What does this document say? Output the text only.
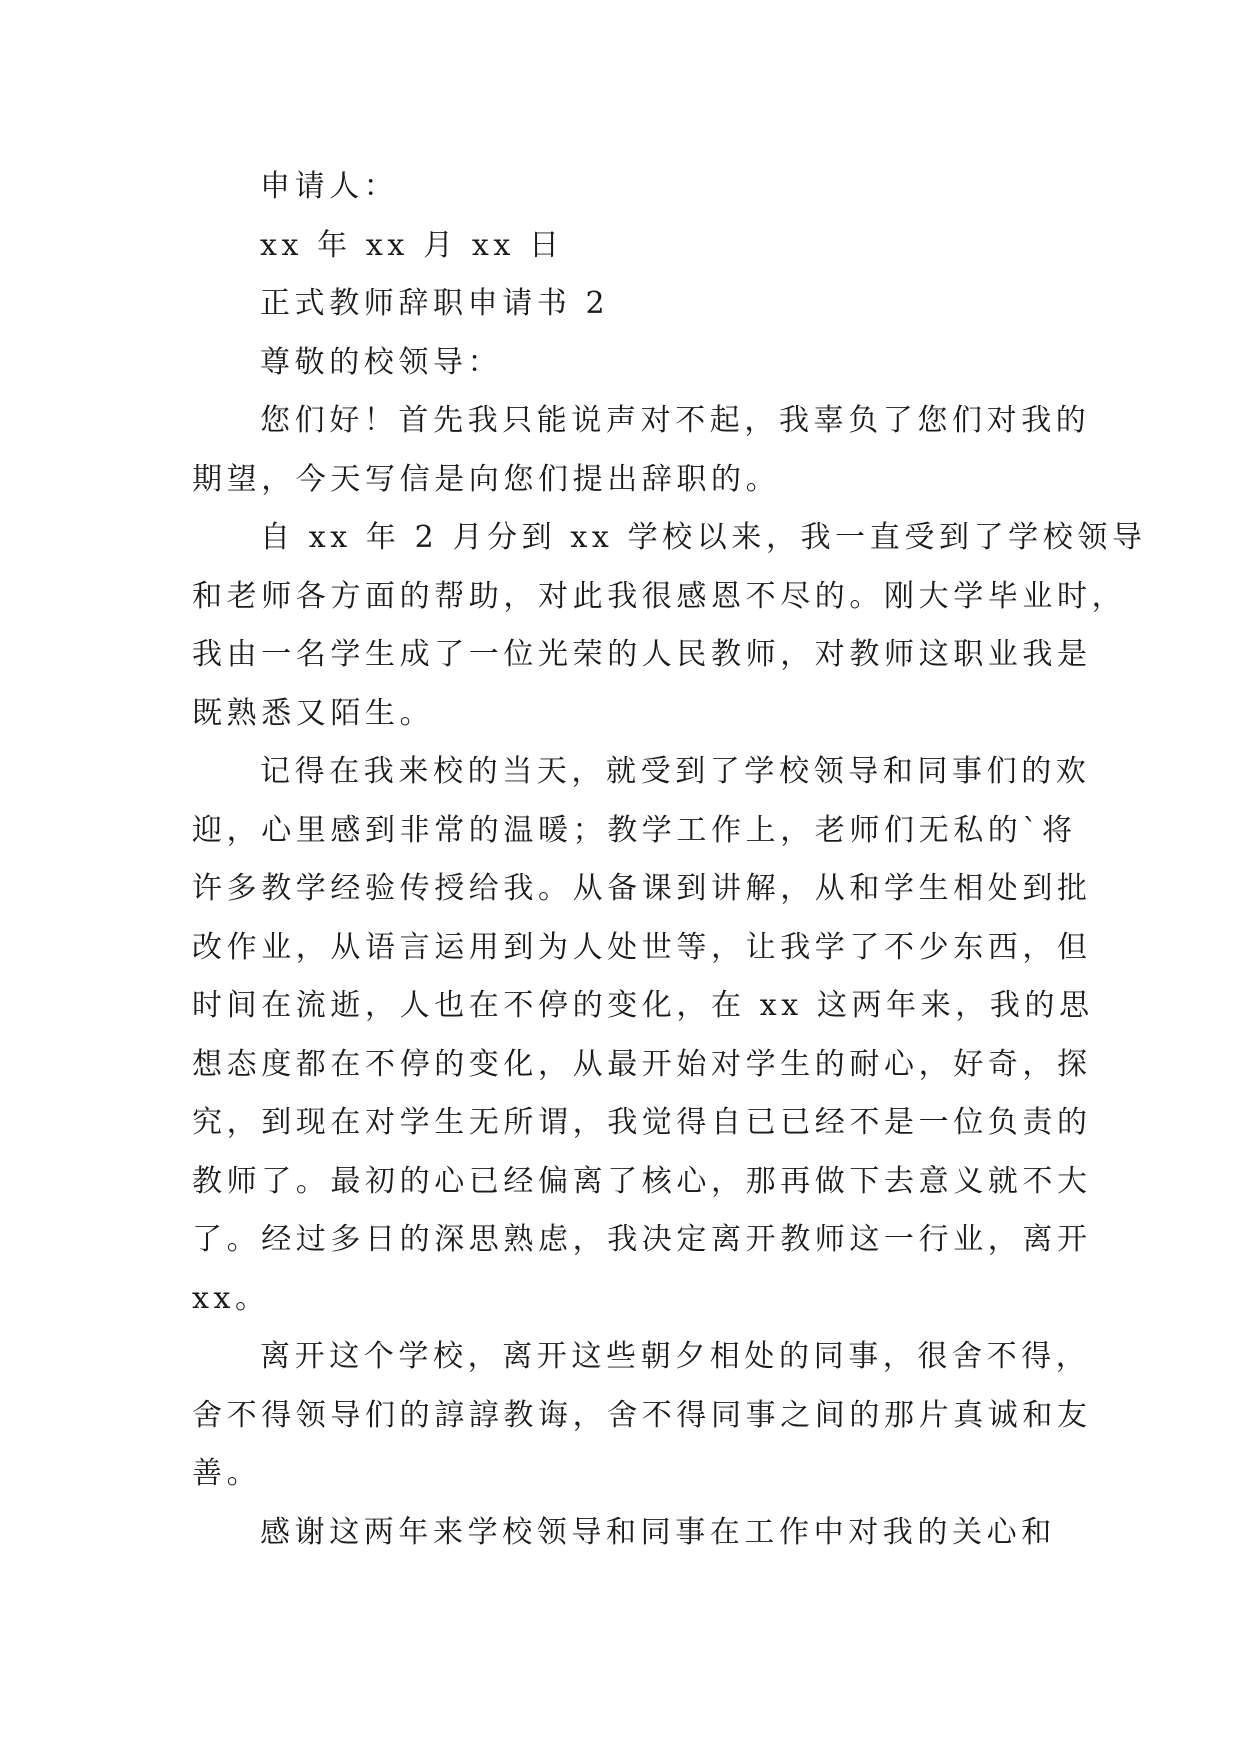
申请人：

xx 年 xx 月 xx 日

正式教师辞职申请书 2

尊敬的校领导：

您们好！首先我只能说声对不起，我辜负了您们对我的

期望，今天写信是向您们提出辞职的。

自 xx 年 2 月分到 xx 学校以来，我一直受到了学校领导

和老师各方面的帮助，对此我很感恩不尽的。刚大学毕业时，

我由一名学生成了一位光荣的人民教师，对教师这职业我是

既熟悉又陌生。

记得在我来校的当天，就受到了学校领导和同事们的欢

迎，心里感到非常的温暖；教学工作上，老师们无私的`将

许多教学经验传授给我。从备课到讲解，从和学生相处到批

改作业，从语言运用到为人处世等，让我学了不少东西，但

时间在流逝，人也在不停的变化，在 xx 这两年来，我的思

想态度都在不停的变化，从最开始对学生的耐心，好奇，探

究，到现在对学生无所谓，我觉得自已已经不是一位负责的

教师了。最初的心已经偏离了核心，那再做下去意义就不大

了。经过多日的深思熟虑，我决定离开教师这一行业，离开

xx。

离开这个学校，离开这些朝夕相处的同事，很舍不得，

舍不得领导们的諄諄教诲，舍不得同事之间的那片真诚和友

善。

感谢这两年来学校领导和同事在工作中对我的关心和
